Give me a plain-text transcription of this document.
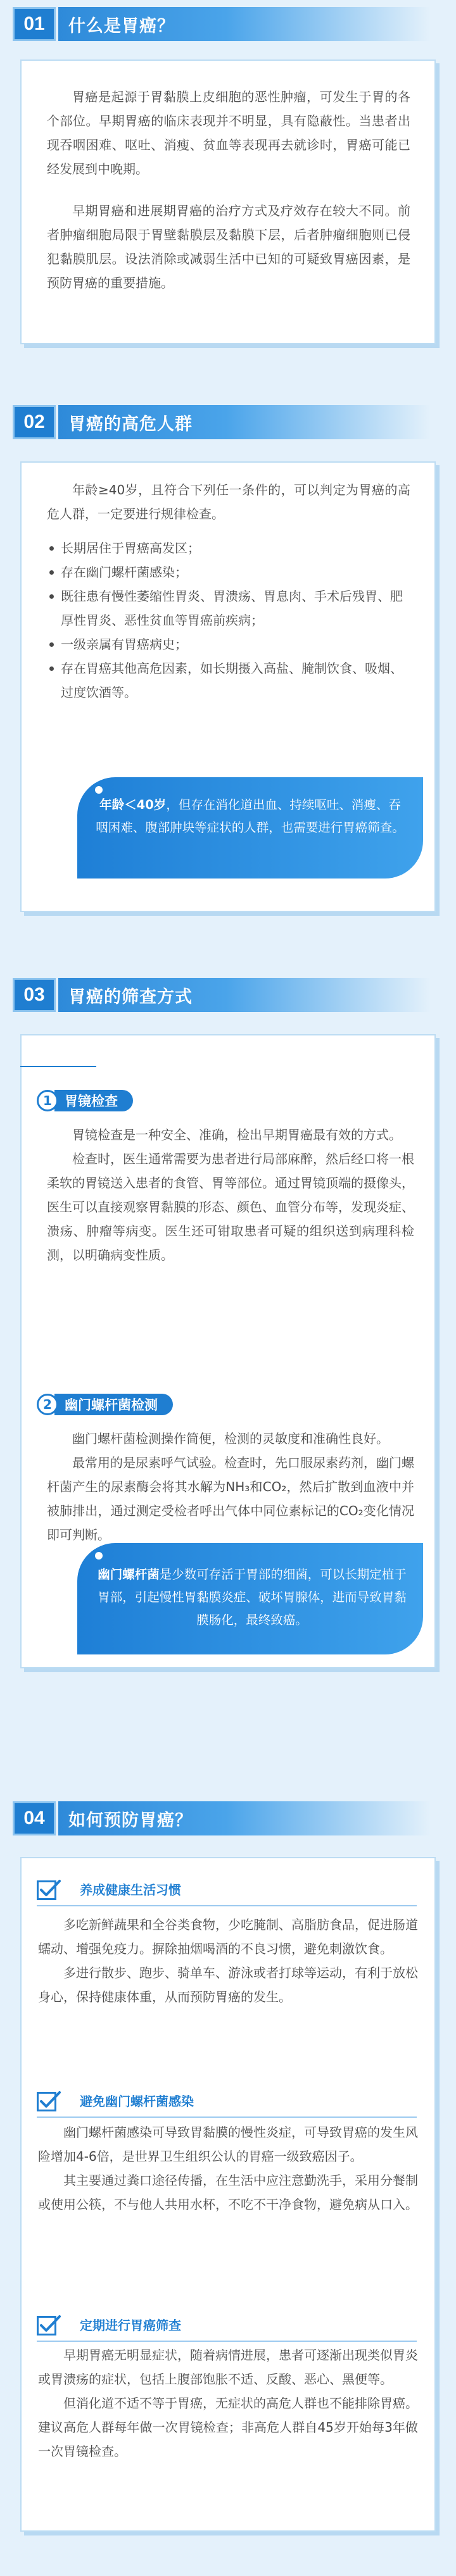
01	什么是胃癌？

胃癌是起源于胃黏膜上皮细胞的恶性肿瘤，可发生于胃的各个部位。早期胃癌的临床表现并不明显，具有隐蔽性。当患者出现吞咽困难、呕吐、消瘦、贫血等表现再去就诊时，胃癌可能已经发展到中晚期。

早期胃癌和进展期胃癌的治疗方式及疗效存在较大不同。前者肿瘤细胞局限于胃壁黏膜层及黏膜下层，后者肿瘤细胞则已侵犯黏膜肌层。设法消除或减弱生活中已知的可疑致胃癌因素，是预防胃癌的重要措施。

02	胃癌的高危人群

年龄≥40岁，且符合下列任一条件的，可以判定为胃癌的高危人群，一定要进行规律检查。

长期居住于胃癌高发区；
存在幽门螺杆菌感染；
既往患有慢性萎缩性胃炎、胃溃疡、胃息肉、手术后残胃、肥厚性胃炎、恶性贫血等胃癌前疾病；
一级亲属有胃癌病史；
存在胃癌其他高危因素，如长期摄入高盐、腌制饮食、吸烟、过度饮酒等。
年龄＜40岁，但存在消化道出血、持续呕吐、消瘦、吞咽困难、腹部肿块等症状的人群，也需要进行胃癌筛查。
03	胃癌的筛查方式
1 胃镜检查

胃镜检查是一种安全、准确，检出早期胃癌最有效的方式。

检查时，医生通常需要为患者进行局部麻醉，然后经口将一根柔软的胃镜送入患者的食管、胃等部位。通过胃镜顶端的摄像头，医生可以直接观察胃黏膜的形态、颜色、血管分布等，发现炎症、溃疡、肿瘤等病变。医生还可钳取患者可疑的组织送到病理科检测，以明确病变性质。

2 幽门螺杆菌检测

幽门螺杆菌检测操作简便，检测的灵敏度和准确性良好。

最常用的是尿素呼气试验。检查时，先口服尿素药剂，幽门螺杆菌产生的尿素酶会将其水解为NH₃和CO₂，然后扩散到血液中并被肺排出，通过测定受检者呼出气体中同位素标记的CO₂变化情况即可判断。

幽门螺杆菌是少数可存活于胃部的细菌，可以长期定植于胃部，引起慢性胃黏膜炎症、破坏胃腺体，进而导致胃黏膜肠化，最终致癌。
04	如何预防胃癌？
养成健康生活习惯

多吃新鲜蔬果和全谷类食物，少吃腌制、高脂肪食品，促进肠道蠕动、增强免疫力。摒除抽烟喝酒的不良习惯，避免刺激饮食。

多进行散步、跑步、骑单车、游泳或者打球等运动，有利于放松身心，保持健康体重，从而预防胃癌的发生。

避免幽门螺杆菌感染

幽门螺杆菌感染可导致胃黏膜的慢性炎症，可导致胃癌的发生风险增加4-6倍，是世界卫生组织公认的胃癌一级致癌因子。

其主要通过粪口途径传播，在生活中应注意勤洗手，采用分餐制或使用公筷，不与他人共用水杯，不吃不干净食物，避免病从口入。

定期进行胃癌筛查

早期胃癌无明显症状，随着病情进展，患者可逐渐出现类似胃炎或胃溃疡的症状，包括上腹部饱胀不适、反酸、恶心、黑便等。

但消化道不适不等于胃癌，无症状的高危人群也不能排除胃癌。建议高危人群每年做一次胃镜检查；非高危人群自45岁开始每3年做一次胃镜检查。
